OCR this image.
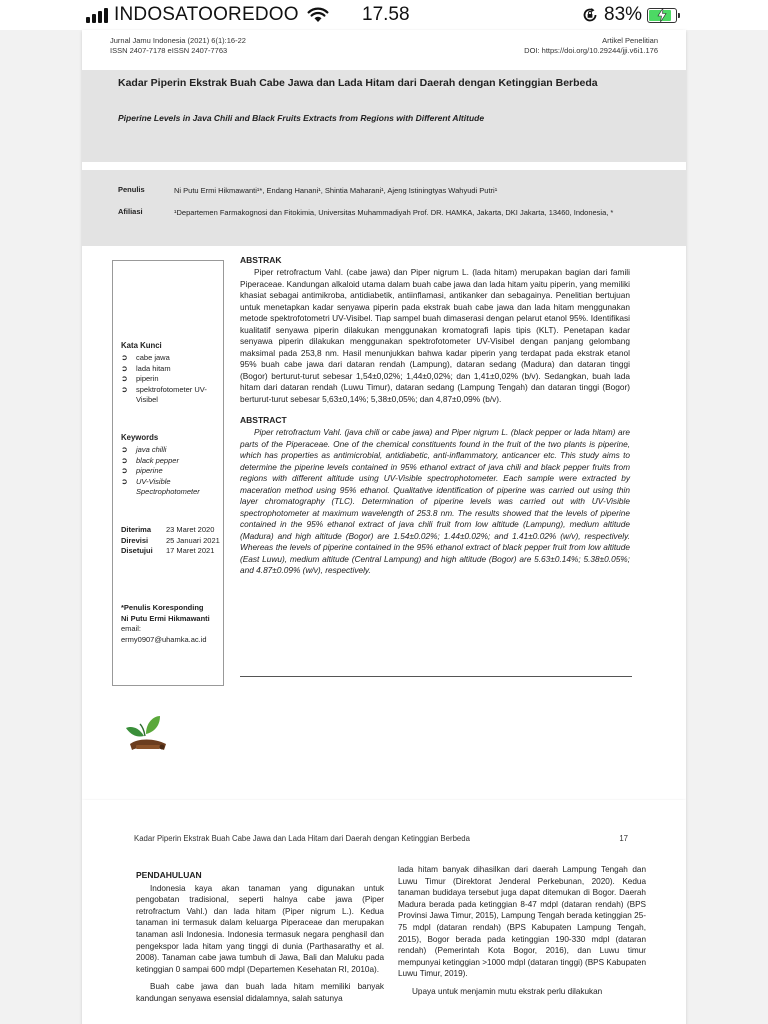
INDOSATOOREDOO	17.58	83%
Jurnal Jamu Indonesia (2021) 6(1):16-22
ISSN 2407-7178 eISSN 2407-7763
Artikel Penelitian
DOI: https://doi.org/10.29244/jji.v6i1.176
Kadar Piperin Ekstrak Buah Cabe Jawa dan Lada Hitam dari Daerah dengan Ketinggian Berbeda
Piperine Levels in Java Chili and Black Fruits Extracts from Regions with Different Altitude
Penulis	Ni Putu Ermi Hikmawanti¹*, Endang Hanani¹, Shintia Maharani¹, Ajeng Istiningtyas Wahyudi Putri¹
Afiliasi	¹Departemen Farmakognosi dan Fitokimia, Universitas Muhammadiyah Prof. DR. HAMKA, Jakarta, DKI Jakarta, 13460, Indonesia, *
Kata Kunci
➲	cabe jawa
➲	lada hitam
➲	piperin
➲	spektrofotometer UV-Visibel
Keywords
➲	java chilli
➲	black pepper
➲	piperine
➲	UV-Visible Spectrophotometer
Diterima	23 Maret 2020
Direvisi	25 Januari 2021
Disetujui	17 Maret 2021
*Penulis Koresponding
Ni Putu Ermi Hikmawanti
email:
ermy0907@uhamka.ac.id
ABSTRAK

Piper retrofractum Vahl. (cabe jawa) dan Piper nigrum L. (lada hitam) merupakan bagian dari famili Piperaceae. Kandungan alkaloid utama dalam buah cabe jawa dan lada hitam yaitu piperin, yang memiliki khasiat sebagai antimikroba, antidiabetik, antiinflamasi, antikanker dan sebagainya. Penelitian bertujuan untuk menetapkan kadar senyawa piperin pada ekstrak buah cabe jawa dan lada hitam menggunakan metode spektrofotometri UV-Visibel. Tiap sampel buah dimaserasi dengan pelarut etanol 95%. Identifikasi kualitatif senyawa piperin dilakukan menggunakan kromatografi lapis tipis (KLT). Penetapan kadar senyawa piperin dilakukan menggunakan spektrofotometer UV-Visibel dengan panjang gelombang maksimal pada 253,8 nm. Hasil menunjukkan bahwa kadar piperin yang terdapat pada ekstrak etanol 95% buah cabe jawa dari dataran rendah (Lampung), dataran sedang (Madura) dan dataran tinggi (Bogor) berturut-turut sebesar 1,54±0,02%; 1,44±0,02%; dan 1,41±0,02% (b/v). Sedangkan, buah lada hitam dari dataran rendah (Luwu Timur), dataran sedang (Lampung Tengah) dan dataran tinggi (Bogor) berturut-turut sebesar 5,63±0,14%; 5,38±0,05%; dan 4,87±0,09% (b/v).

ABSTRACT

Piper retrofractum Vahl. (java chili or cabe jawa) and Piper nigrum L. (black pepper or lada hitam) are parts of the Piperaceae. One of the chemical constituents found in the fruit of the two plants is piperine, which has properties as antimicrobial, antidiabetic, anti-inflammatory, anticancer etc. This study aims to determine the piperine levels contained in 95% ethanol extract of java chili and black pepper fruits from regions with different altitude using UV-Visible spectrophotometer. Each sample were extracted by maceration method using 95% ethanol. Qualitative identification of piperine was carried out using thin layer chromatography (TLC). Determination of piperine levels was carried out with UV-Visible spectrophotometer at maximum wavelength of 253.8 nm. The results showed that the levels of piperine contained in the 95% ethanol extract of java chili fruit from low altitude (Lampung), medium altitude (Madura) and high altitude (Bogor) are 1.54±0.02%; 1.44±0.02%; and 1.41±0.02% (w/v), respectively. Whereas the levels of piperine contained in the 95% ethanol extract of black pepper fruit from low altitude (East Luwu), medium altitude (Central Lampung) and high altitude (Bogor) are 5.63±0.14%; 5.38±0.05%; and 4.87±0.09% (w/v), respectively.

Kadar Piperin Ekstrak Buah Cabe Jawa dan Lada Hitam dari Daerah dengan Ketinggian Berbeda	17
PENDAHULUAN

Indonesia kaya akan tanaman yang digunakan untuk pengobatan tradisional, seperti halnya cabe jawa (Piper retrofractum Vahl.) dan lada hitam (Piper nigrum L.). Kedua tanaman ini termasuk dalam keluarga Piperaceae dan merupakan tanaman asli Indonesia. Indonesia termasuk negara penghasil dan pengekspor lada hitam yang tinggi di dunia (Parthasarathy et al. 2008). Tanaman cabe jawa tumbuh di Jawa, Bali dan Maluku pada ketinggian 0 sampai 600 mdpl (Departemen Kesehatan RI, 2010a).

Buah cabe jawa dan buah lada hitam memiliki banyak kandungan senyawa esensial didalamnya, salah satunya

lada hitam banyak dihasilkan dari daerah Lampung Tengah dan Luwu Timur (Direktorat Jenderal Perkebunan, 2020). Kedua tanaman budidaya tersebut juga dapat ditemukan di Bogor. Daerah Madura berada pada ketinggian 8-47 mdpl (dataran rendah) (BPS Provinsi Jawa Timur, 2015), Lampung Tengah berada ketinggian 25-75 mdpl (dataran rendah) (BPS Kabupaten Lampung Tengah, 2015), Bogor berada pada ketinggian 190-330 mdpl (dataran rendah) (Pemerintah Kota Bogor, 2016), dan Luwu timur mempunyai ketinggian >1000 mdpl (dataran tinggi) (BPS Kabupaten Luwu Timur, 2019).

Upaya untuk menjamin mutu ekstrak perlu dilakukan
